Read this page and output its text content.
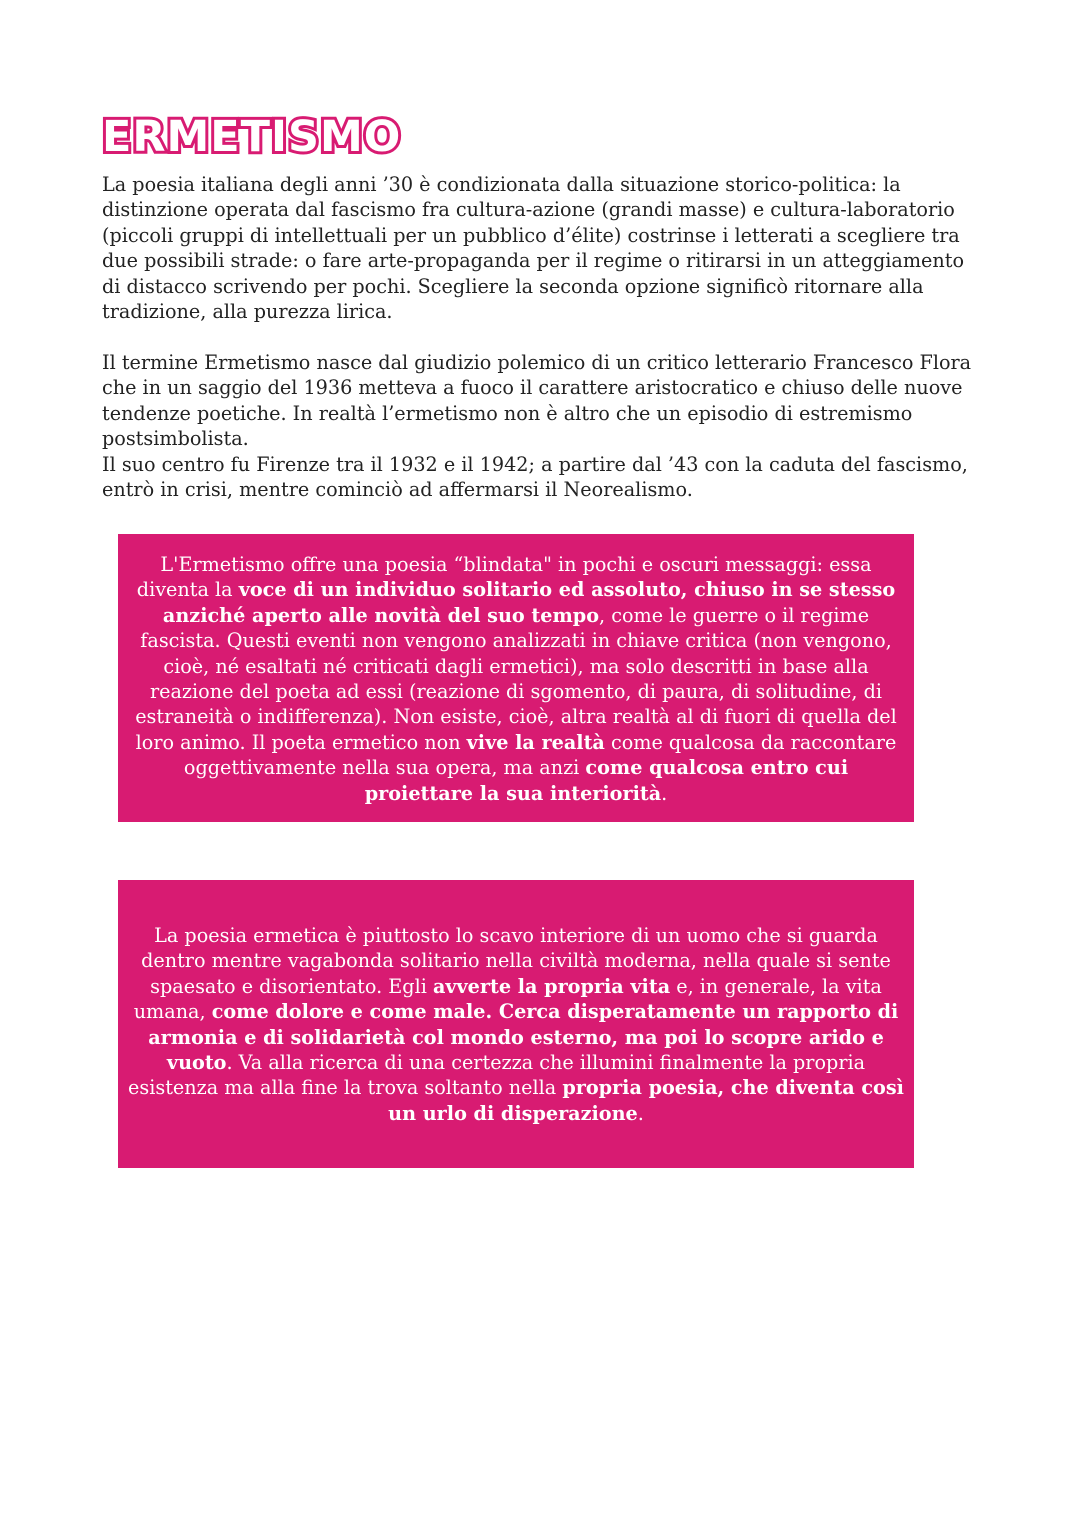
ERMETISMO

La poesia italiana degli anni ’30 è condizionata dalla situazione storico-politica: la distinzione operata dal fascismo fra cultura-azione (grandi masse) e cultura-laboratorio (piccoli gruppi di intellettuali per un pubblico d’élite) costrinse i letterati a scegliere tra due possibili strade: o fare arte-propaganda per il regime o ritirarsi in un atteggiamento di distacco scrivendo per pochi. Scegliere la seconda opzione significò ritornare alla tradizione, alla purezza lirica.

Il termine Ermetismo nasce dal giudizio polemico di un critico letterario Francesco Flora che in un saggio del 1936 metteva a fuoco il carattere aristocratico e chiuso delle nuove tendenze poetiche. In realtà l’ermetismo non è altro che un episodio di estremismo postsimbolista.

Il suo centro fu Firenze tra il 1932 e il 1942; a partire dal ’43 con la caduta del fascismo, entrò in crisi, mentre cominciò ad affermarsi il Neorealismo.

L'Ermetismo offre una poesia “blindata" in pochi e oscuri messaggi: essa diventa la voce di un individuo solitario ed assoluto, chiuso in se stesso anziché aperto alle novità del suo tempo, come le guerre o il regime fascista. Questi eventi non vengono analizzati in chiave critica (non vengono, cioè, né esaltati né criticati dagli ermetici), ma solo descritti in base alla reazione del poeta ad essi (reazione di sgomento, di paura, di solitudine, di estraneità o indifferenza). Non esiste, cioè, altra realtà al di fuori di quella del loro animo. Il poeta ermetico non vive la realtà come qualcosa da raccontare oggettivamente nella sua opera, ma anzi come qualcosa entro cui proiettare la sua interiorità.

La poesia ermetica è piuttosto lo scavo interiore di un uomo che si guarda dentro mentre vagabonda solitario nella civiltà moderna, nella quale si sente spaesato e disorientato. Egli avverte la propria vita e, in generale, la vita umana, come dolore e come male. Cerca disperatamente un rapporto di armonia e di solidarietà col mondo esterno, ma poi lo scopre arido e vuoto. Va alla ricerca di una certezza che illumini finalmente la propria esistenza ma alla fine la trova soltanto nella propria poesia, che diventa così un urlo di disperazione.
